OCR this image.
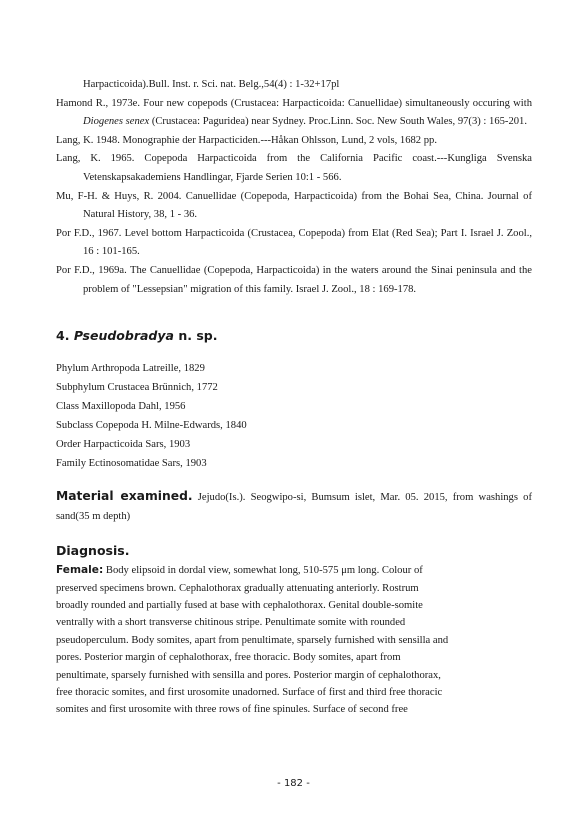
Harpacticoida).Bull. Inst. r. Sci. nat. Belg.,54(4) : 1-32+17pl
Hamond R., 1973e. Four new copepods (Crustacea: Harpacticoida: Canuellidae) simultaneously occuring with Diogenes senex (Crustacea: Paguridea) near Sydney. Proc.Linn. Soc. New South Wales, 97(3) : 165-201.
Lang, K. 1948. Monographie der Harpacticiden.---Håkan Ohlsson, Lund, 2 vols, 1682 pp.
Lang, K. 1965. Copepoda Harpacticoida from the California Pacific coast.---Kungliga Svenska Vetenskapsakademiens Handlingar, Fjarde Serien 10:1 - 566.
Mu, F-H. & Huys, R. 2004. Canuellidae (Copepoda, Harpacticoida) from the Bohai Sea, China. Journal of Natural History, 38, 1 - 36.
Por F.D., 1967. Level bottom Harpacticoida (Crustacea, Copepoda) from Elat (Red Sea); Part I. Israel J. Zool., 16 : 101-165.
Por F.D., 1969a. The Canuellidae (Copepoda, Harpacticoida) in the waters around the Sinai peninsula and the problem of "Lessepsian" migration of this family. Israel J. Zool., 18 : 169-178.
4. Pseudobradya n. sp.
Phylum Arthropoda Latreille, 1829
Subphylum Crustacea Brünnich, 1772
Class Maxillopoda Dahl, 1956
Subclass Copepoda H. Milne-Edwards, 1840
Order Harpacticoida Sars, 1903
Family Ectinosomatidae Sars, 1903
Material examined. Jejudo(Is.). Seogwipo-si, Bumsum islet, Mar. 05. 2015, from washings of sand(35 m depth)
Diagnosis.
Female: Body elipsoid in dordal view, somewhat long, 510-575 μm long. Colour of
preserved specimens brown. Cephalothorax gradually attenuating anteriorly. Rostrum
broadly rounded and partially fused at base with cephalothorax. Genital double-somite
ventrally with a short transverse chitinous stripe. Penultimate somite with rounded
pseudoperculum. Body somites, apart from penultimate, sparsely furnished with sensilla and
pores. Posterior margin of cephalothorax, free thoracic. Body somites, apart from
penultimate, sparsely furnished with sensilla and pores. Posterior margin of cephalothorax,
free thoracic somites, and first urosomite unadorned. Surface of first and third free thoracic
somites and first urosomite with three rows of fine spinules. Surface of second free
- 182 -
